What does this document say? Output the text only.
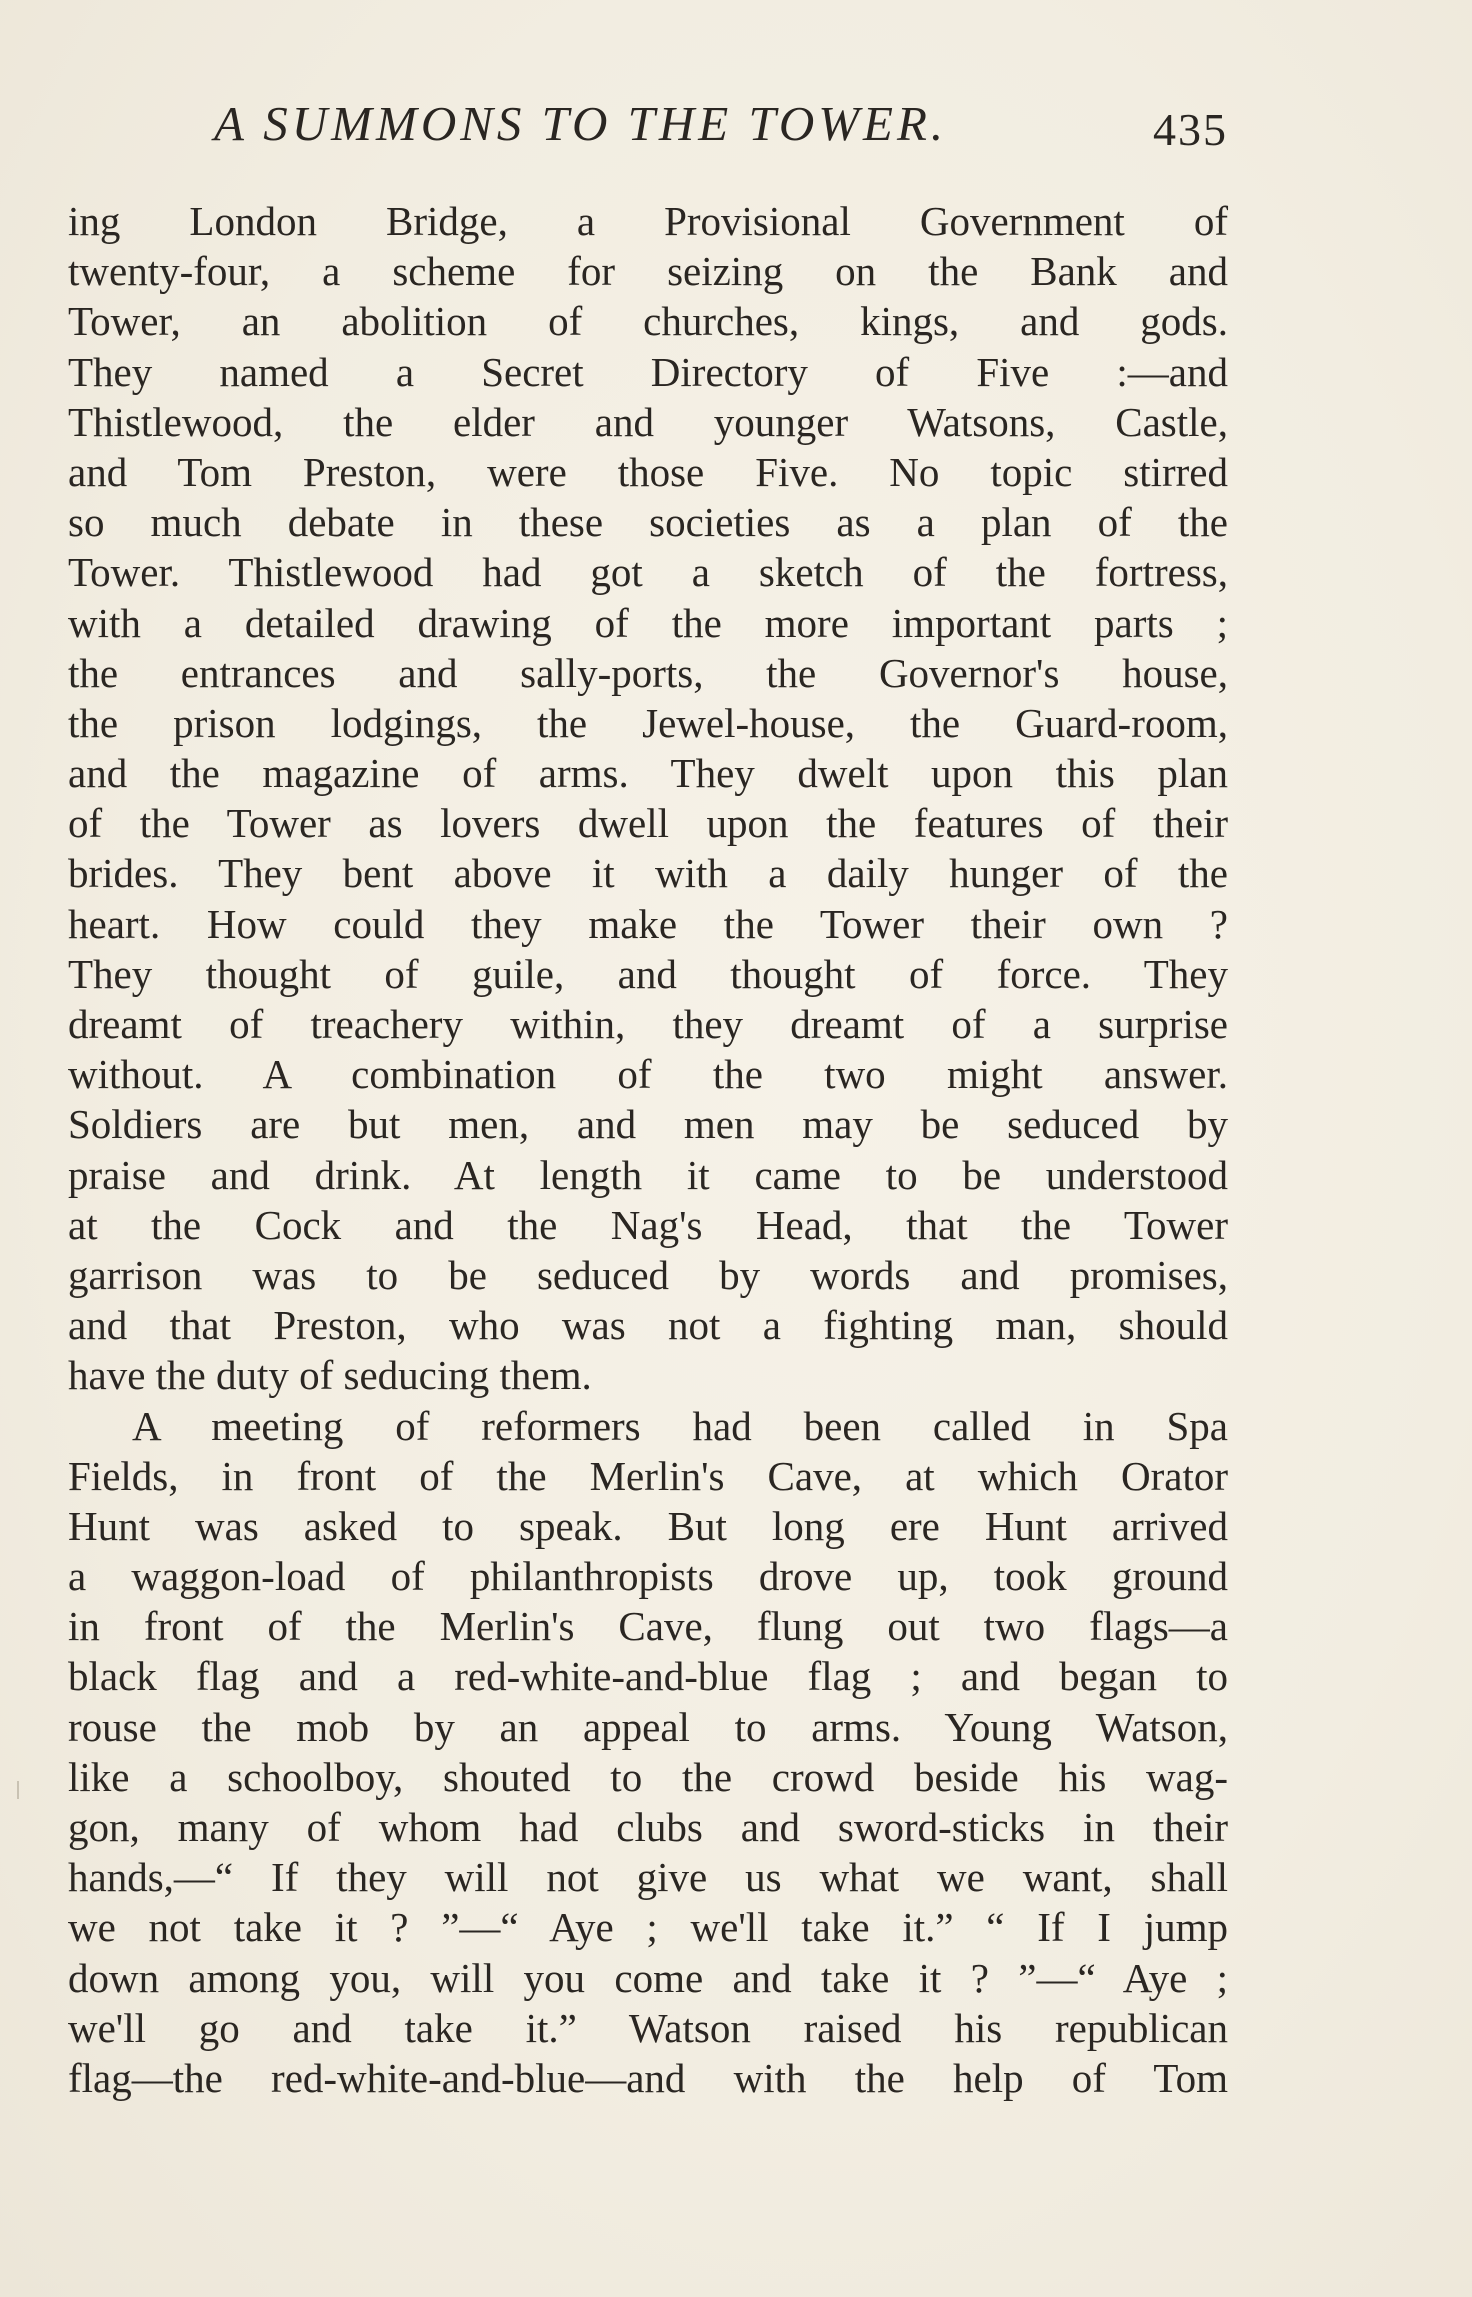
A SUMMONS TO THE TOWER.	435
ing London Bridge, a Provisional Government of
twenty-four, a scheme for seizing on the Bank and
Tower, an abolition of churches, kings, and gods.
They named a Secret Directory of Five :—and
Thistlewood, the elder and younger Watsons, Castle,
and Tom Preston, were those Five. No topic stirred
so much debate in these societies as a plan of the
Tower. Thistlewood had got a sketch of the fortress,
with a detailed drawing of the more important parts ;
the entrances and sally-ports, the Governor's house,
the prison lodgings, the Jewel-house, the Guard-room,
and the magazine of arms. They dwelt upon this plan
of the Tower as lovers dwell upon the features of their
brides. They bent above it with a daily hunger of the
heart. How could they make the Tower their own ?
They thought of guile, and thought of force. They
dreamt of treachery within, they dreamt of a surprise
without. A combination of the two might answer.
Soldiers are but men, and men may be seduced by
praise and drink. At length it came to be understood
at the Cock and the Nag's Head, that the Tower
garrison was to be seduced by words and promises,
and that Preston, who was not a fighting man, should
have the duty of seducing them.
A meeting of reformers had been called in Spa
Fields, in front of the Merlin's Cave, at which Orator
Hunt was asked to speak. But long ere Hunt arrived
a waggon-load of philanthropists drove up, took ground
in front of the Merlin's Cave, flung out two flags—a
black flag and a red-white-and-blue flag ; and began to
rouse the mob by an appeal to arms. Young Watson,
like a schoolboy, shouted to the crowd beside his wag-
gon, many of whom had clubs and sword-sticks in their
hands,—“ If they will not give us what we want, shall
we not take it ? ”—“ Aye ; we'll take it.” “ If I jump
down among you, will you come and take it ? ”—“ Aye ;
we'll go and take it.” Watson raised his republican
flag—the red-white-and-blue—and with the help of Tom
